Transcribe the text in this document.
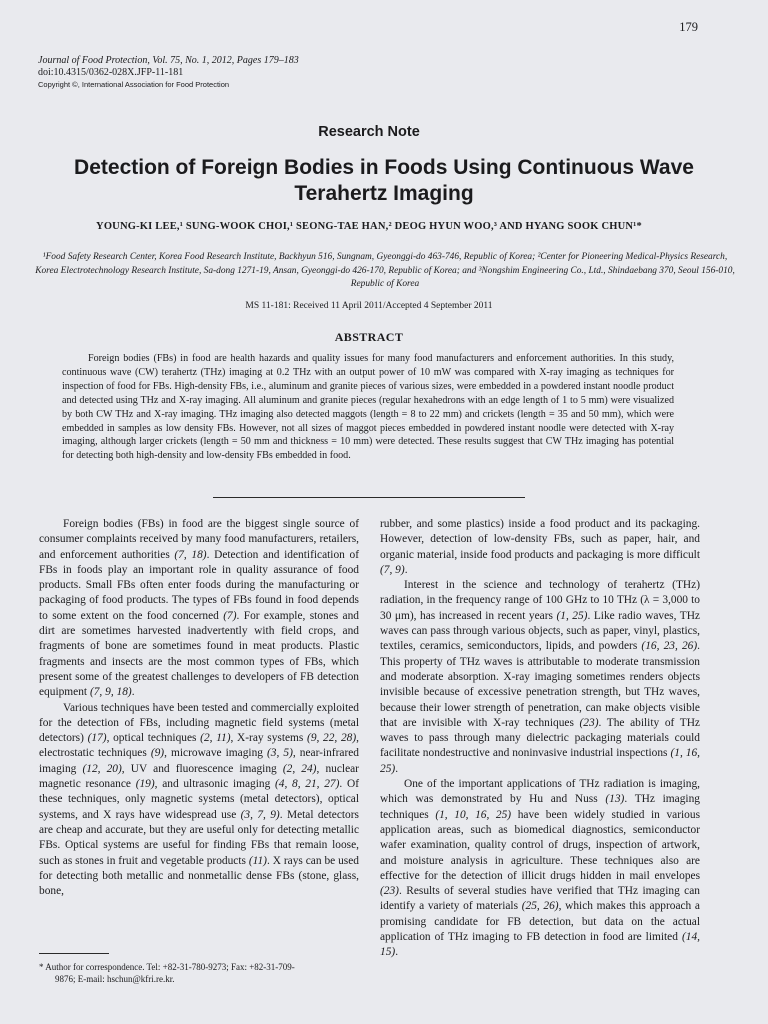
179
Journal of Food Protection, Vol. 75, No. 1, 2012, Pages 179–183
doi:10.4315/0362-028X.JFP-11-181
Copyright ©, International Association for Food Protection
Research Note
Detection of Foreign Bodies in Foods Using Continuous Wave
Terahertz Imaging
YOUNG-KI LEE,¹ SUNG-WOOK CHOI,¹ SEONG-TAE HAN,² DEOG HYUN WOO,³ AND HYANG SOOK CHUN¹*
¹Food Safety Research Center, Korea Food Research Institute, Backhyun 516, Sungnam, Gyeonggi-do 463-746, Republic of Korea; ²Center for Pioneering Medical-Physics Research, Korea Electrotechnology Research Institute, Sa-dong 1271-19, Ansan, Gyeonggi-do 426-170, Republic of Korea; and ³Nongshim Engineering Co., Ltd., Shindaebang 370, Seoul 156-010, Republic of Korea
MS 11-181: Received 11 April 2011/Accepted 4 September 2011
ABSTRACT
Foreign bodies (FBs) in food are health hazards and quality issues for many food manufacturers and enforcement authorities. In this study, continuous wave (CW) terahertz (THz) imaging at 0.2 THz with an output power of 10 mW was compared with X-ray imaging as techniques for inspection of food for FBs. High-density FBs, i.e., aluminum and granite pieces of various sizes, were embedded in a powdered instant noodle product and detected using THz and X-ray imaging. All aluminum and granite pieces (regular hexahedrons with an edge length of 1 to 5 mm) were visualized by both CW THz and X-ray imaging. THz imaging also detected maggots (length = 8 to 22 mm) and crickets (length = 35 and 50 mm), which were embedded in samples as low density FBs. However, not all sizes of maggot pieces embedded in powdered instant noodle were detected with X-ray imaging, although larger crickets (length = 50 mm and thickness = 10 mm) were detected. These results suggest that CW THz imaging has potential for detecting both high-density and low-density FBs embedded in food.

Foreign bodies (FBs) in food are the biggest single source of consumer complaints received by many food manufacturers, retailers, and enforcement authorities (7, 18). Detection and identification of FBs in foods play an important role in quality assurance of food products. Small FBs often enter foods during the manufacturing or packaging of food products. The types of FBs found in food depends to some extent on the food concerned (7). For example, stones and dirt are sometimes harvested inadvertently with field crops, and fragments of bone are sometimes found in meat products. Plastic fragments and insects are the most common types of FBs, which present some of the greatest challenges to developers of FB detection equipment (7, 9, 18).

Various techniques have been tested and commercially exploited for the detection of FBs, including magnetic field systems (metal detectors) (17), optical techniques (2, 11), X-ray systems (9, 22, 28), electrostatic techniques (9), microwave imaging (3, 5), near-infrared imaging (12, 20), UV and fluorescence imaging (2, 24), nuclear magnetic resonance (19), and ultrasonic imaging (4, 8, 21, 27). Of these techniques, only magnetic systems (metal detectors), optical systems, and X rays have widespread use (3, 7, 9). Metal detectors are cheap and accurate, but they are useful only for detecting metallic FBs. Optical systems are useful for finding FBs that remain loose, such as stones in fruit and vegetable products (11). X rays can be used for detecting both metallic and nonmetallic dense FBs (stone, glass, bone,

* Author for correspondence. Tel: +82-31-780-9273; Fax: +82-31-709-
9876; E-mail: hschun@kfri.re.kr.

rubber, and some plastics) inside a food product and its packaging. However, detection of low-density FBs, such as paper, hair, and organic material, inside food products and packaging is more difficult (7, 9).

Interest in the science and technology of terahertz (THz) radiation, in the frequency range of 100 GHz to 10 THz (λ = 3,000 to 30 μm), has increased in recent years (1, 25). Like radio waves, THz waves can pass through various objects, such as paper, vinyl, plastics, textiles, ceramics, semiconductors, lipids, and powders (16, 23, 26). This property of THz waves is attributable to moderate transmission and moderate absorption. X-ray imaging sometimes renders objects invisible because of excessive penetration strength, but THz waves, because their lower strength of penetration, can make objects visible that are invisible with X-ray techniques (23). The ability of THz waves to pass through many dielectric packaging materials could facilitate nondestructive and noninvasive industrial inspections (1, 16, 25).

One of the important applications of THz radiation is imaging, which was demonstrated by Hu and Nuss (13). THz imaging techniques (1, 10, 16, 25) have been widely studied in various application areas, such as biomedical diagnostics, semiconductor wafer examination, quality control of drugs, inspection of artwork, and moisture analysis in agriculture. These techniques also are effective for the detection of illicit drugs hidden in mail envelopes (23). Results of several studies have verified that THz imaging can identify a variety of materials (25, 26), which makes this approach a promising candidate for FB detection, but data on the actual application of THz imaging to FB detection in food are limited (14, 15).
